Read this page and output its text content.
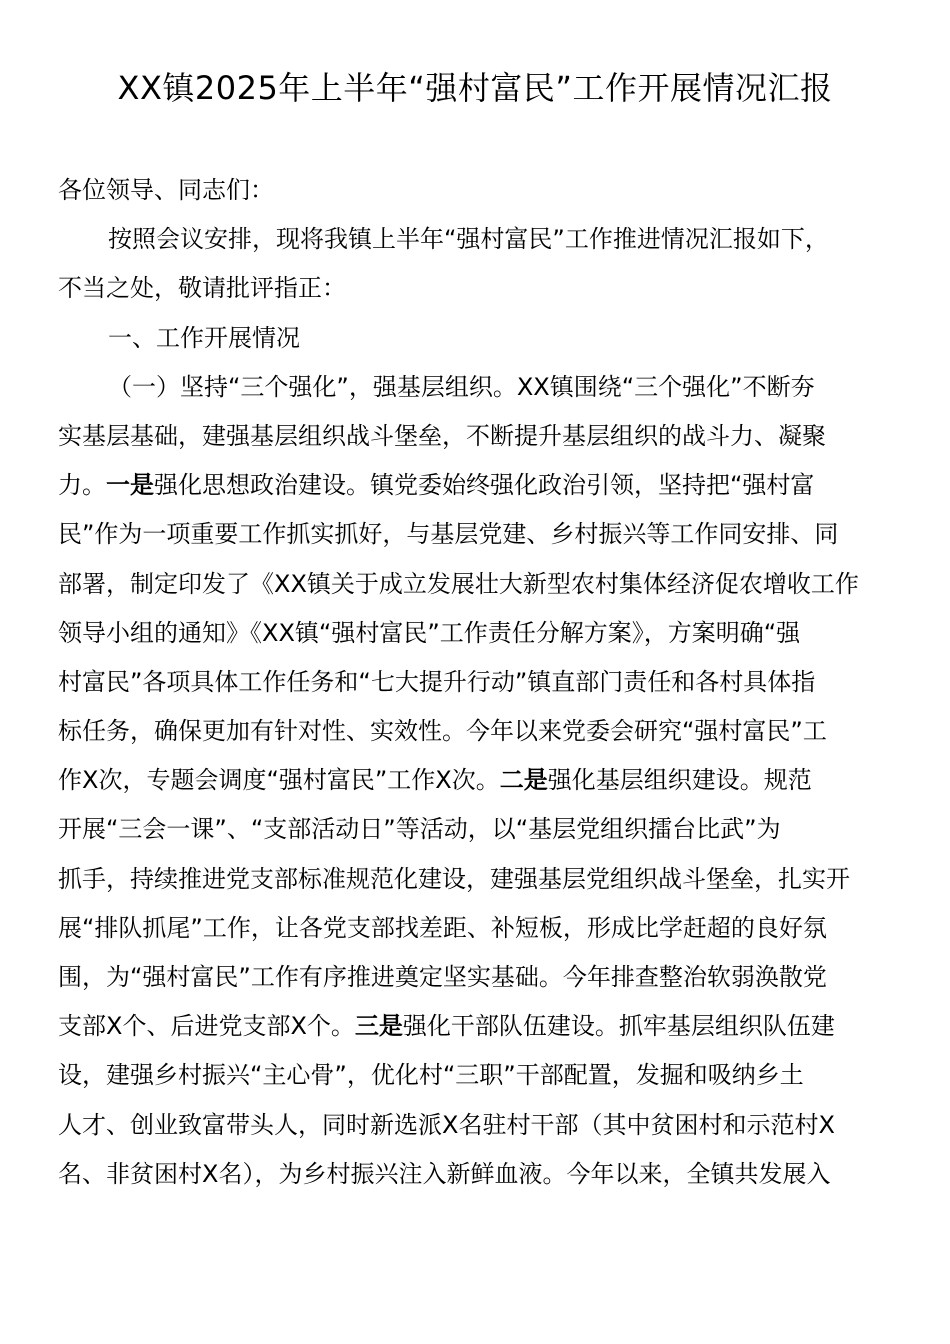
XX镇2025年上半年“强村富民”工作开展情况汇报
各位领导、同志们：
按照会议安排，现将我镇上半年“强村富民”工作推进情况汇报如下，
不当之处，敬请批评指正：
一、工作开展情况
（一）坚持“三个强化”，强基层组织。XX镇围绕“三个强化”不断夯
实基层基础，建强基层组织战斗堡垒，不断提升基层组织的战斗力、凝聚
力。一是强化思想政治建设。镇党委始终强化政治引领，坚持把“强村富
民”作为一项重要工作抓实抓好，与基层党建、乡村振兴等工作同安排、同
部署，制定印发了《XX镇关于成立发展壮大新型农村集体经济促农增收工作
领导小组的通知》《XX镇“强村富民”工作责任分解方案》，方案明确“强
村富民”各项具体工作任务和“七大提升行动”镇直部门责任和各村具体指
标任务，确保更加有针对性、实效性。今年以来党委会研究“强村富民”工
作Х次，专题会调度“强村富民”工作Х次。二是强化基层组织建设。规范
开展“三会一课”、“支部活动日”等活动，以“基层党组织擂台比武”为
抓手，持续推进党支部标准规范化建设，建强基层党组织战斗堡垒，扎实开
展“排队抓尾”工作，让各党支部找差距、补短板，形成比学赶超的良好氛
围，为“强村富民”工作有序推进奠定坚实基础。今年排查整治软弱涣散党
支部Х个、后进党支部Х个。三是强化干部队伍建设。抓牢基层组织队伍建
设，建强乡村振兴“主心骨”，优化村“三职”干部配置，发掘和吸纳乡土
人才、创业致富带头人，同时新选派Х名驻村干部（其中贫困村和示范村Х
名、非贫困村Х名），为乡村振兴注入新鲜血液。今年以来，全镇共发展入
